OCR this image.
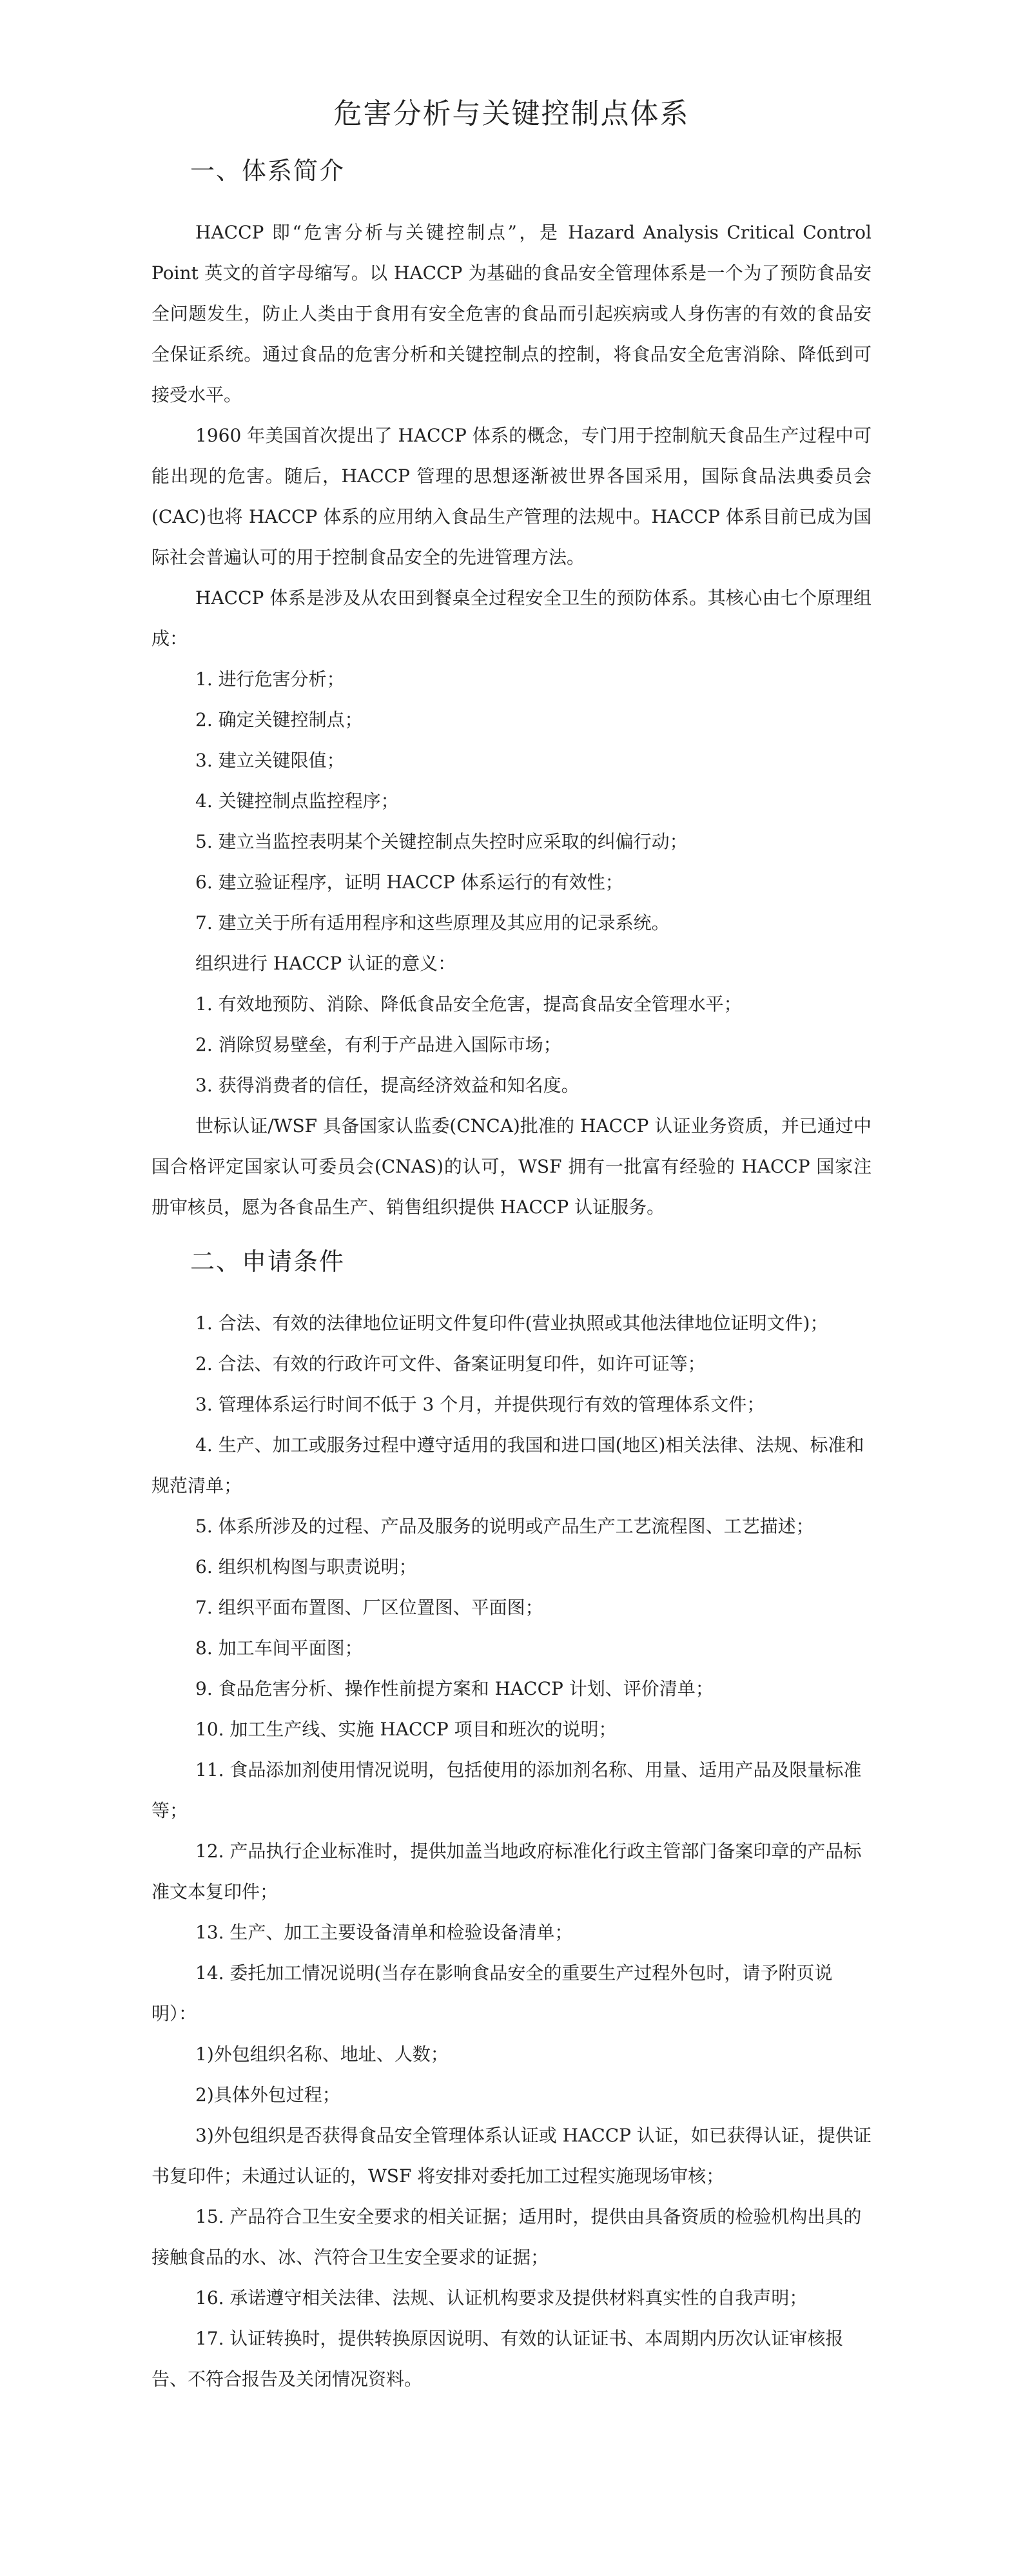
危害分析与关键控制点体系
一、体系简介

HACCP 即“危害分析与关键控制点”，是 Hazard Analysis Critical Control Point 英文的首字母缩写。以 HACCP 为基础的食品安全管理体系是一个为了预防食品安全问题发生，防止人类由于食用有安全危害的食品而引起疾病或人身伤害的有效的食品安全保证系统。通过食品的危害分析和关键控制点的控制，将食品安全危害消除、降低到可接受水平。

1960 年美国首次提出了 HACCP 体系的概念，专门用于控制航天食品生产过程中可能出现的危害。随后，HACCP 管理的思想逐渐被世界各国采用，国际食品法典委员会(CAC)也将 HACCP 体系的应用纳入食品生产管理的法规中。HACCP 体系目前已成为国际社会普遍认可的用于控制食品安全的先进管理方法。

HACCP 体系是涉及从农田到餐桌全过程安全卫生的预防体系。其核心由七个原理组成：

1. 进行危害分析；
2. 确定关键控制点；
3. 建立关键限值；
4. 关键控制点监控程序；
5. 建立当监控表明某个关键控制点失控时应采取的纠偏行动；
6. 建立验证程序，证明 HACCP 体系运行的有效性；
7. 建立关于所有适用程序和这些原理及其应用的记录系统。

组织进行 HACCP 认证的意义：

1. 有效地预防、消除、降低食品安全危害，提高食品安全管理水平；
2. 消除贸易壁垒，有利于产品进入国际市场；
3. 获得消费者的信任，提高经济效益和知名度。

世标认证/WSF 具备国家认监委(CNCA)批准的 HACCP 认证业务资质，并已通过中国合格评定国家认可委员会(CNAS)的认可，WSF 拥有一批富有经验的 HACCP 国家注册审核员，愿为各食品生产、销售组织提供 HACCP 认证服务。

二、申请条件
1. 合法、有效的法律地位证明文件复印件(营业执照或其他法律地位证明文件)；
2. 合法、有效的行政许可文件、备案证明复印件，如许可证等；
3. 管理体系运行时间不低于 3 个月，并提供现行有效的管理体系文件；
4. 生产、加工或服务过程中遵守适用的我国和进口国(地区)相关法律、法规、标准和规范清单；
5. 体系所涉及的过程、产品及服务的说明或产品生产工艺流程图、工艺描述；
6. 组织机构图与职责说明；
7. 组织平面布置图、厂区位置图、平面图；
8. 加工车间平面图；
9. 食品危害分析、操作性前提方案和 HACCP 计划、评价清单；
10. 加工生产线、实施 HACCP 项目和班次的说明；
11. 食品添加剂使用情况说明，包括使用的添加剂名称、用量、适用产品及限量标准等；
12. 产品执行企业标准时，提供加盖当地政府标准化行政主管部门备案印章的产品标准文本复印件；
13. 生产、加工主要设备清单和检验设备清单；
14. 委托加工情况说明(当存在影响食品安全的重要生产过程外包时，请予附页说明）：
1)外包组织名称、地址、人数；
2)具体外包过程；
3)外包组织是否获得食品安全管理体系认证或 HACCP 认证，如已获得认证，提供证书复印件；未通过认证的，WSF 将安排对委托加工过程实施现场审核；
15. 产品符合卫生安全要求的相关证据；适用时，提供由具备资质的检验机构出具的接触食品的水、冰、汽符合卫生安全要求的证据；
16. 承诺遵守相关法律、法规、认证机构要求及提供材料真实性的自我声明；
17. 认证转换时，提供转换原因说明、有效的认证证书、本周期内历次认证审核报告、不符合报告及关闭情况资料。
